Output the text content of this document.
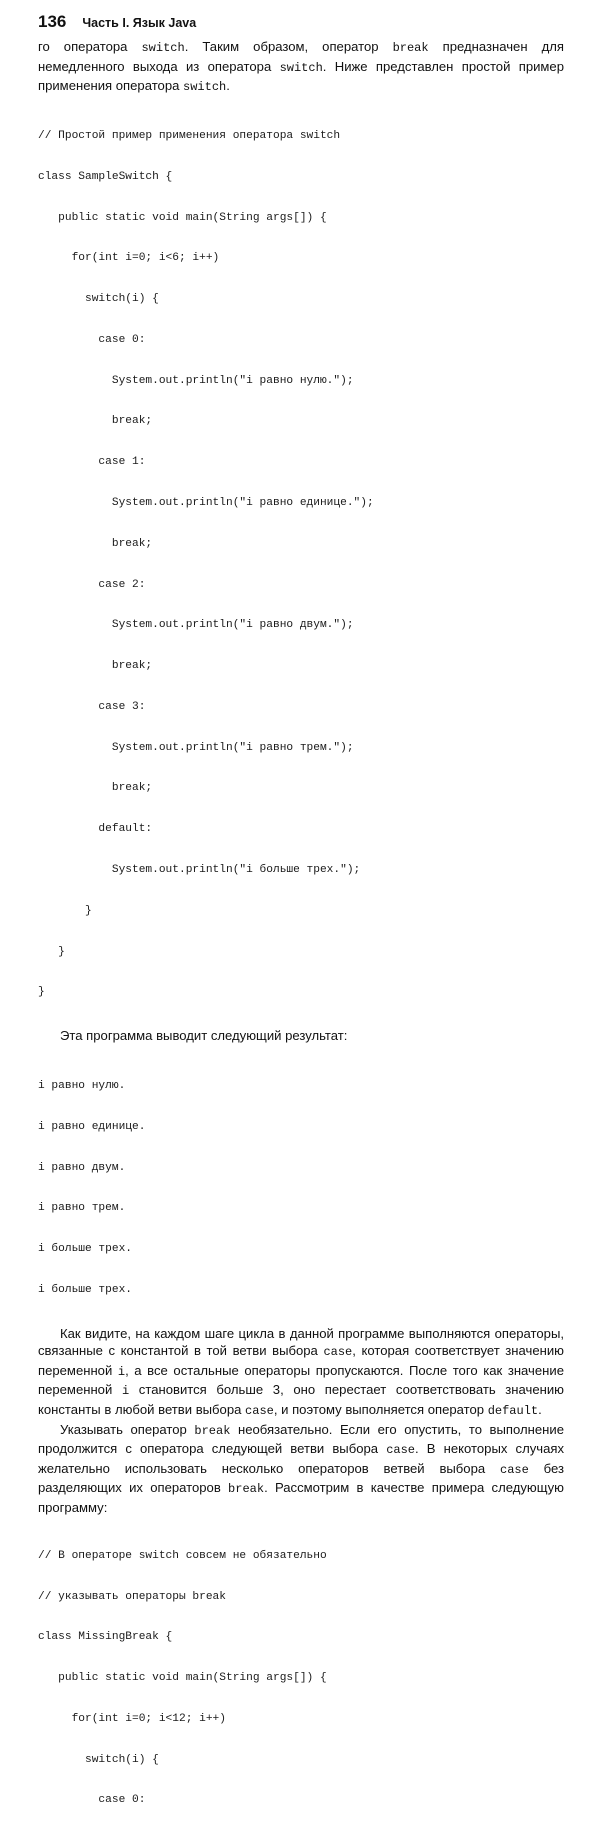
136 Часть I. Язык Java

го оператора switch. Таким образом, оператор break предназначен для немедленного выхода из оператора switch. Ниже представлен простой пример применения оператора switch.

// Простой пример применения оператора switch

class SampleSwitch {

public static void main(String args[]) {

for(int i=0; i<6; i++)

switch(i) {

case 0:

System.out.println("i равно нулю.");

break;

case 1:

System.out.println("i равно единице.");

break;

case 2:

System.out.println("i равно двум.");

break;

case 3:

System.out.println("i равно трем.");

break;

default:

System.out.println("i больше трех.");

}

}

}

Эта программа выводит следующий результат:

i равно нулю.

i равно единице.

i равно двум.

i равно трем.

i больше трех.

i больше трех.

Как видите, на каждом шаге цикла в данной программе выполняются операторы, связанные с константой в той ветви выбора case, которая соответствует значению переменной i, а все остальные операторы пропускаются. После того как значение переменной i становится больше 3, оно перестает соответствовать значению константы в любой ветви выбора case, и поэтому выполняется оператор default.

Указывать оператор break необязательно. Если его опустить, то выполнение продолжится с оператора следующей ветви выбора case. В некоторых случаях желательно использовать несколько операторов ветвей выбора case без разделяющих их операторов break. Рассмотрим в качестве примера следующую программу:

// В операторе switch совсем не обязательно

// указывать операторы break

class MissingBreak {

public static void main(String args[]) {

for(int i=0; i<12; i++)

switch(i) {

case 0:
